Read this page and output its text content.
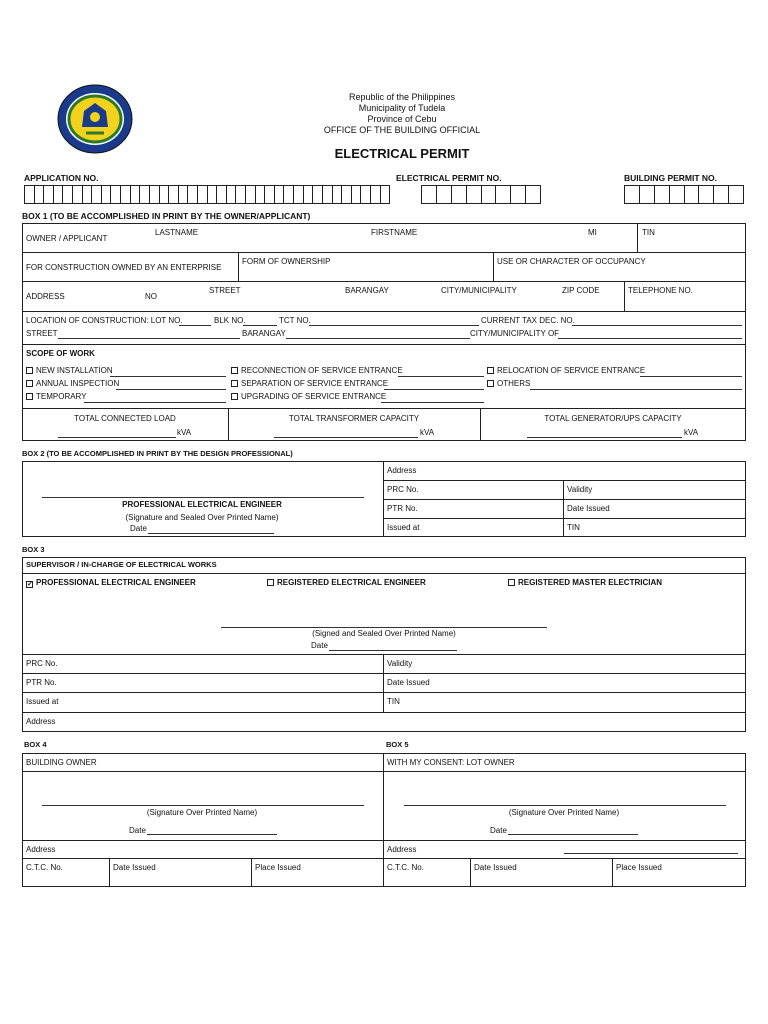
Republic of the Philippines
Municipality of Tudela
Province of Cebu
OFFICE OF THE BUILDING OFFICIAL
ELECTRICAL PERMIT
APPLICATION NO.	ELECTRICAL PERMIT NO.	BUILDING PERMIT NO.
BOX 1 (TO BE ACCOMPLISHED IN PRINT BY THE OWNER/APPLICANT)
OWNER / APPLICANT
LASTNAME	FIRSTNAME	MI	TIN
FOR CONSTRUCTION OWNED BY AN ENTERPRISE
FORM OF OWNERSHIP	USE OR CHARACTER OF OCCUPANCY
ADDRESS	NO
STREET	BARANGAY	CITY/MUNICIPALITY	ZIP CODE	TELEPHONE NO.
LOCATION OF CONSTRUCTION: LOT NO.	BLK NO.	TCT NO.	CURRENT TAX DEC. NO.
STREET	BARANGAY	CITY/MUNICIPALITY OF
SCOPE OF WORK
NEW INSTALLATION
ANNUAL INSPECTION
TEMPORARY
RECONNECTION OF SERVICE ENTRANCE
SEPARATION OF SERVICE ENTRANCE
UPGRADING OF SERVICE ENTRANCE
RELOCATION OF SERVICE ENTRANCE
OTHERS
TOTAL CONNECTED LOAD
kVA
TOTAL TRANSFORMER CAPACITY
kVA
TOTAL GENERATOR/UPS CAPACITY
kVA
BOX 2 (TO BE ACCOMPLISHED IN PRINT BY THE DESIGN PROFESSIONAL)
PROFESSIONAL ELECTRICAL ENGINEER
(Signature and Sealed Over Printed Name)
Date
Address
PRC No.	Validity
PTR No.	Date Issued
Issued at	TIN
BOX 3
SUPERVISOR / IN-CHARGE OF ELECTRICAL WORKS
✓ PROFESSIONAL ELECTRICAL ENGINEER	REGISTERED ELECTRICAL ENGINEER	REGISTERED MASTER ELECTRICIAN
(Signed and Sealed Over Printed Name)
Date
PRC No.	Validity
PTR No.	Date Issued
Issued at	TIN
Address
BOX 4	BOX 5
BUILDING OWNER
(Signature Over Printed Name)
Date
Address
C.T.C. No.	Date Issued	Place Issued
WITH MY CONSENT: LOT OWNER
(Signature Over Printed Name)
Date
Address
C.T.C. No.	Date Issued	Place Issued
